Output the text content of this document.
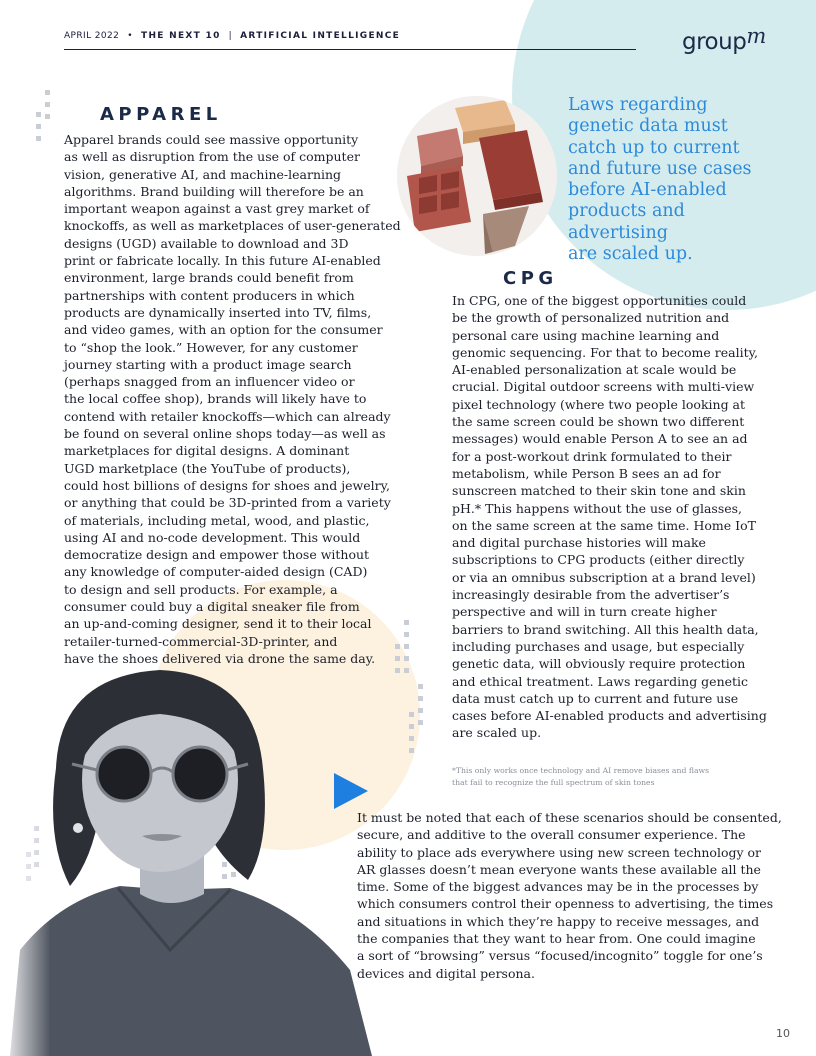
APRIL 2022 • THE NEXT 10 | ARTIFICIAL INTELLIGENCE	groupm
Laws regarding
genetic data must
catch up to current
and future use cases
before AI-enabled
products and
advertising
are scaled up.
APPAREL
Apparel brands could see massive opportunity
as well as disruption from the use of computer
vision, generative AI, and machine-learning
algorithms. Brand building will therefore be an
important weapon against a vast grey market of
knockoffs, as well as marketplaces of user-generated
designs (UGD) available to download and 3D
print or fabricate locally. In this future AI-enabled
environment, large brands could benefit from
partnerships with content producers in which
products are dynamically inserted into TV, films,
and video games, with an option for the consumer
to “shop the look.” However, for any customer
journey starting with a product image search
(perhaps snagged from an influencer video or
the local coffee shop), brands will likely have to
contend with retailer knockoffs—which can already
be found on several online shops today—as well as
marketplaces for digital designs. A dominant
UGD marketplace (the YouTube of products),
could host billions of designs for shoes and jewelry,
or anything that could be 3D-printed from a variety
of materials, including metal, wood, and plastic,
using AI and no-code development. This would
democratize design and empower those without
any knowledge of computer-aided design (CAD)
to design and sell products. For example, a
consumer could buy a digital sneaker file from
an up-and-coming designer, send it to their local
retailer-turned-commercial-3D-printer, and
CPG
In CPG, one of the biggest opportunities could
be the growth of personalized nutrition and
personal care using machine learning and
genomic sequencing. For that to become reality,
AI-enabled personalization at scale would be
crucial. Digital outdoor screens with multi-view
pixel technology (where two people looking at
the same screen could be shown two different
messages) would enable Person A to see an ad
for a post-workout drink formulated to their
metabolism, while Person B sees an ad for
sunscreen matched to their skin tone and skin
pH.* This happens without the use of glasses,
on the same screen at the same time. Home IoT
and digital purchase histories will make
subscriptions to CPG products (either directly
or via an omnibus subscription at a brand level)
increasingly desirable from the advertiser’s
perspective and will in turn create higher
barriers to brand switching. All this health data,
including purchases and usage, but especially
genetic data, will obviously require protection
and ethical treatment. Laws regarding genetic
data must catch up to current and future use
cases before AI-enabled products and advertising
are scaled up.
*This only works once technology and AI remove biases and flaws
that fail to recognize the full spectrum of skin tones
It must be noted that each of these scenarios should be consented,
secure, and additive to the overall consumer experience. The
ability to place ads everywhere using new screen technology or
AR glasses doesn’t mean everyone wants these available all the
time. Some of the biggest advances may be in the processes by
which consumers control their openness to advertising, the times
and situations in which they’re happy to receive messages, and
the companies that they want to hear from. One could imagine
a sort of “browsing” versus “focused/incognito” toggle for one’s
devices and digital persona.
10
